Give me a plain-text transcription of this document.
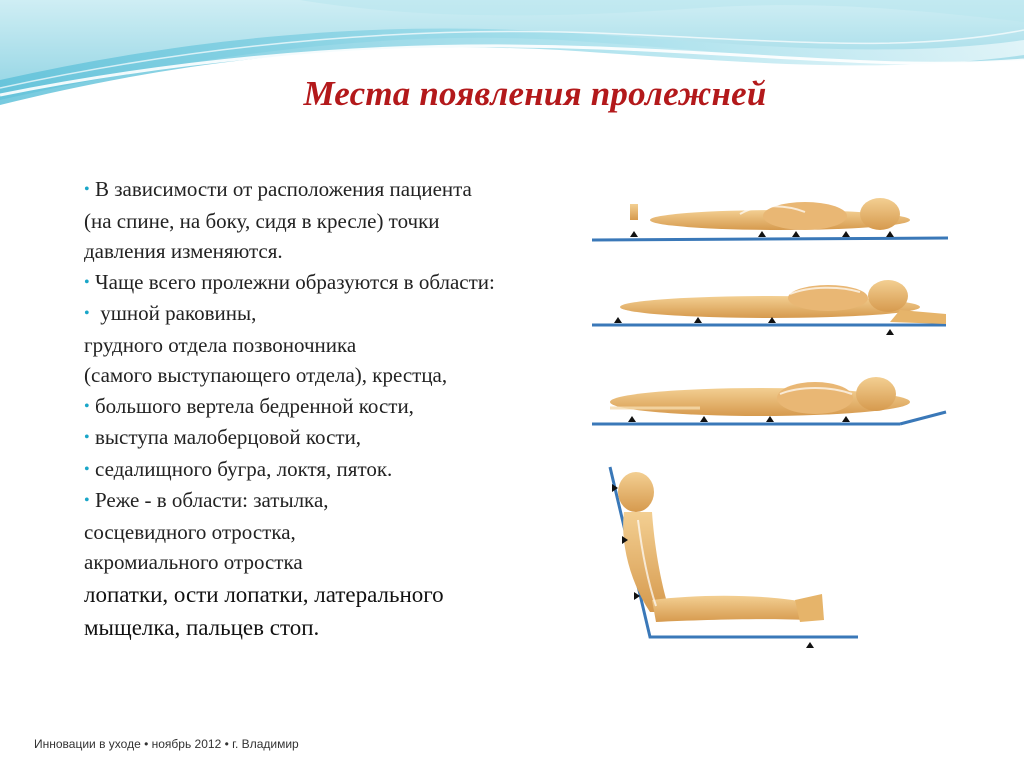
Места появления пролежней
• В зависимости от расположения пациента
(на спине, на боку, сидя в кресле) точки
давления изменяются.
• Чаще всего пролежни образуются в области:
• ушной раковины,
грудного отдела позвоночника
(самого выступающего отдела), крестца,
• большого вертела бедренной кости,
• выступа малоберцовой кости,
• седалищного бугра, локтя, пяток.
• Реже - в области: затылка,
сосцевидного отростка,
акромиального отростка
лопатки, ости лопатки, латерального
мыщелка, пальцев стоп.
Инновации в уходе • ноябрь 2012 • г. Владимир
